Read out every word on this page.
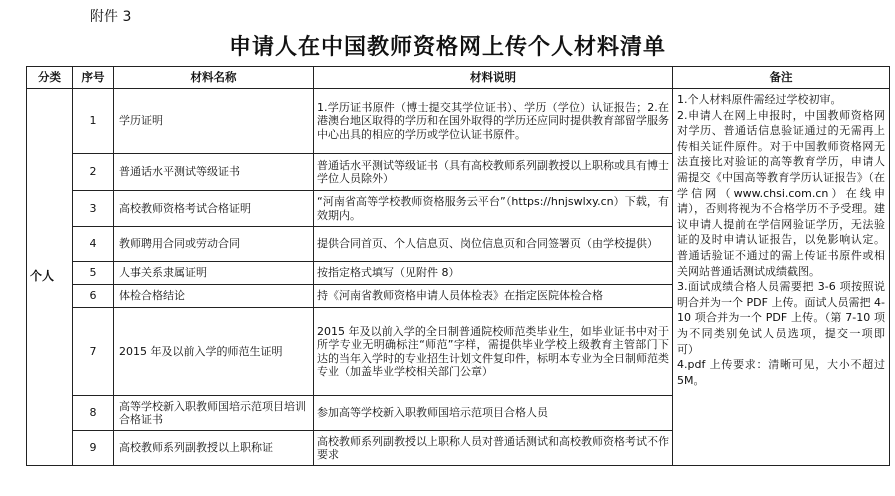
附件 3
申请人在中国教师资格网上传个人材料清单
分类	序号	材料名称	材料说明	备注
个人	1	学历证明	1.学历证书原件（博士提交其学位证书）、学历（学位）认证报告；2.在港澳台地区取得的学历和在国外取得的学历还应同时提供教育部留学服务中心出具的相应的学历或学位认证书原件。	1.个人材料原件需经过学校初审。
2.申请人在网上申报时，中国教师资格网对学历、普通话信息验证通过的无需再上传相关证件原件。对于中国教师资格网无法直接比对验证的高等教育学历，申请人需提交《中国高等教育学历认证报告》（在学信网（www.chsi.com.cn）在线申请），否则将视为不合格学历不予受理。建议申请人提前在学信网验证学历，无法验证的及时申请认证报告，以免影响认定。普通话验证不通过的需上传证书原件或相关网站普通话测试成绩截图。
3.面试成绩合格人员需要把 3-6 项按照说明合并为一个 PDF 上传。面试人员需把 4-10 项合并为一个 PDF 上传。（第 7-10 项为不同类别免试人员选项，提交一项即可）
4.pdf 上传要求：清晰可见，大小不超过 5M。

	2	普通话水平测试等级证书	普通话水平测试等级证书（具有高校教师系列副教授以上职称或具有博士学位人员除外）	
	3	高校教师资格考试合格证明	“河南省高等学校教师资格服务云平台”（https://hnjswlxy.cn）下载，有效期内。	
	4	教师聘用合同或劳动合同	提供合同首页、个人信息页、岗位信息页和合同签署页（由学校提供）	
	5	人事关系隶属证明	按指定格式填写（见附件 8）	
	6	体检合格结论	持《河南省教师资格申请人员体检表》在指定医院体检合格	
	7	2015 年及以前入学的师范生证明	2015 年及以前入学的全日制普通院校师范类毕业生，如毕业证书中对于所学专业无明确标注“师范”字样，需提供毕业学校上级教育主管部门下达的当年入学时的专业招生计划文件复印件，标明本专业为全日制师范类专业（加盖毕业学校相关部门公章）	
	8	高等学校新入职教师国培示范项目培训合格证书	参加高等学校新入职教师国培示范项目合格人员	
	9	高校教师系列副教授以上职称证	高校教师系列副教授以上职称人员对普通话测试和高校教师资格考试不作要求	
